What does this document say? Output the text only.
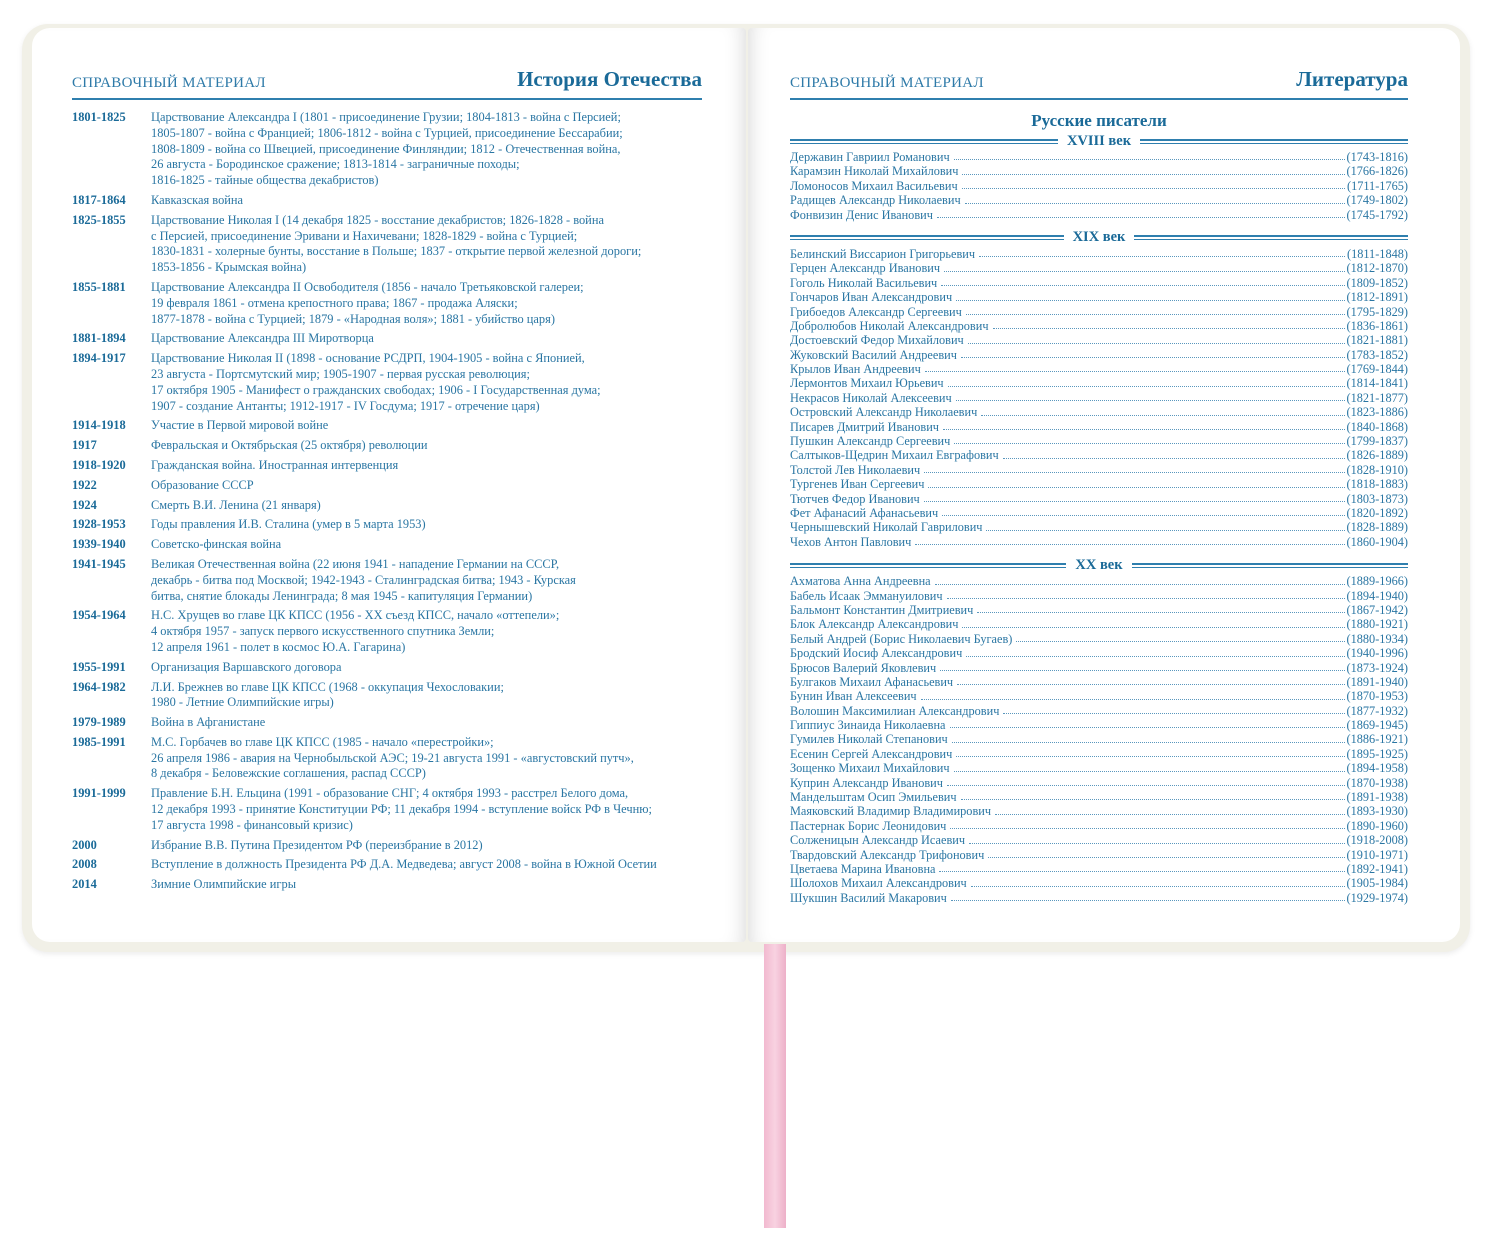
СПРАВОЧНЫЙ МАТЕРИАЛ	История Отечества
1801-1825	Царствование Александра I (1801 - присоединение Грузии; 1804-1813 - война с Персией;
1805-1807 - война с Францией; 1806-1812 - война с Турцией, присоединение Бессарабии;
1808-1809 - война со Швецией, присоединение Финляндии; 1812 - Отечественная война,
26 августа - Бородинское сражение; 1813-1814 - заграничные походы;
1816-1825 - тайные общества декабристов)
1817-1864	Кавказская война
1825-1855	Царствование Николая I (14 декабря 1825 - восстание декабристов; 1826-1828 - война
с Персией, присоединение Эривани и Нахичевани; 1828-1829 - война с Турцией;
1830-1831 - холерные бунты, восстание в Польше; 1837 - открытие первой железной дороги;
1853-1856 - Крымская война)
1855-1881	Царствование Александра II Освободителя (1856 - начало Третьяковской галереи;
19 февраля 1861 - отмена крепостного права; 1867 - продажа Аляски;
1877-1878 - война с Турцией; 1879 - «Народная воля»; 1881 - убийство царя)
1881-1894	Царствование Александра III Миротворца
1894-1917	Царствование Николая II (1898 - основание РСДРП, 1904-1905 - война с Японией,
23 августа - Портсмутский мир; 1905-1907 - первая русская революция;
17 октября 1905 - Манифест о гражданских свободах; 1906 - I Государственная дума;
1907 - создание Антанты; 1912-1917 - IV Госдума; 1917 - отречение царя)
1914-1918	Участие в Первой мировой войне
1917	Февральская и Октябрьская (25 октября) революции
1918-1920	Гражданская война. Иностранная интервенция
1922	Образование СССР
1924	Смерть В.И. Ленина (21 января)
1928-1953	Годы правления И.В. Сталина (умер в 5 марта 1953)
1939-1940	Советско-финская война
1941-1945	Великая Отечественная война (22 июня 1941 - нападение Германии на СССР,
декабрь - битва под Москвой; 1942-1943 - Сталинградская битва; 1943 - Курская
битва, снятие блокады Ленинграда; 8 мая 1945 - капитуляция Германии)
1954-1964	Н.С. Хрущев во главе ЦК КПСС (1956 - XX съезд КПСС, начало «оттепели»;
4 октября 1957 - запуск первого искусственного спутника Земли;
12 апреля 1961 - полет в космос Ю.А. Гагарина)
1955-1991	Организация Варшавского договора
1964-1982	Л.И. Брежнев во главе ЦК КПСС (1968 - оккупация Чехословакии;
1980 - Летние Олимпийские игры)
1979-1989	Война в Афганистане
1985-1991	М.С. Горбачев во главе ЦК КПСС (1985 - начало «перестройки»;
26 апреля 1986 - авария на Чернобыльской АЭС; 19-21 августа 1991 - «августовский путч»,
8 декабря - Беловежские соглашения, распад СССР)
1991-1999	Правление Б.Н. Ельцина (1991 - образование СНГ; 4 октября 1993 - расстрел Белого дома,
12 декабря 1993 - принятие Конституции РФ; 11 декабря 1994 - вступление войск РФ в Чечню;
17 августа 1998 - финансовый кризис)
2000	Избрание В.В. Путина Президентом РФ (переизбрание в 2012)
2008	Вступление в должность Президента РФ Д.А. Медведева; август 2008 - война в Южной Осетии
2014	Зимние Олимпийские игры
СПРАВОЧНЫЙ МАТЕРИАЛ	Литература
Русские писатели
XVIII век
Державин Гавриил Романович	(1743-1816)
Карамзин Николай Михайлович	(1766-1826)
Ломоносов Михаил Васильевич	(1711-1765)
Радищев Александр Николаевич	(1749-1802)
Фонвизин Денис Иванович	(1745-1792)
XIX век
Белинский Виссарион Григорьевич	(1811-1848)
Герцен Александр Иванович	(1812-1870)
Гоголь Николай Васильевич	(1809-1852)
Гончаров Иван Александрович	(1812-1891)
Грибоедов Александр Сергеевич	(1795-1829)
Добролюбов Николай Александрович	(1836-1861)
Достоевский Федор Михайлович	(1821-1881)
Жуковский Василий Андреевич	(1783-1852)
Крылов Иван Андреевич	(1769-1844)
Лермонтов Михаил Юрьевич	(1814-1841)
Некрасов Николай Алексеевич	(1821-1877)
Островский Александр Николаевич	(1823-1886)
Писарев Дмитрий Иванович	(1840-1868)
Пушкин Александр Сергеевич	(1799-1837)
Салтыков-Щедрин Михаил Евграфович	(1826-1889)
Толстой Лев Николаевич	(1828-1910)
Тургенев Иван Сергеевич	(1818-1883)
Тютчев Федор Иванович	(1803-1873)
Фет Афанасий Афанасьевич	(1820-1892)
Чернышевский Николай Гаврилович	(1828-1889)
Чехов Антон Павлович	(1860-1904)
XX век
Ахматова Анна Андреевна	(1889-1966)
Бабель Исаак Эммануилович	(1894-1940)
Бальмонт Константин Дмитриевич	(1867-1942)
Блок Александр Александрович	(1880-1921)
Белый Андрей (Борис Николаевич Бугаев)	(1880-1934)
Бродский Иосиф Александрович	(1940-1996)
Брюсов Валерий Яковлевич	(1873-1924)
Булгаков Михаил Афанасьевич	(1891-1940)
Бунин Иван Алексеевич	(1870-1953)
Волошин Максимилиан Александрович	(1877-1932)
Гиппиус Зинаида Николаевна	(1869-1945)
Гумилев Николай Степанович	(1886-1921)
Есенин Сергей Александрович	(1895-1925)
Зощенко Михаил Михайлович	(1894-1958)
Куприн Александр Иванович	(1870-1938)
Мандельштам Осип Эмильевич	(1891-1938)
Маяковский Владимир Владимирович	(1893-1930)
Пастернак Борис Леонидович	(1890-1960)
Солженицын Александр Исаевич	(1918-2008)
Твардовский Александр Трифонович	(1910-1971)
Цветаева Марина Ивановна	(1892-1941)
Шолохов Михаил Александрович	(1905-1984)
Шукшин Василий Макарович	(1929-1974)
